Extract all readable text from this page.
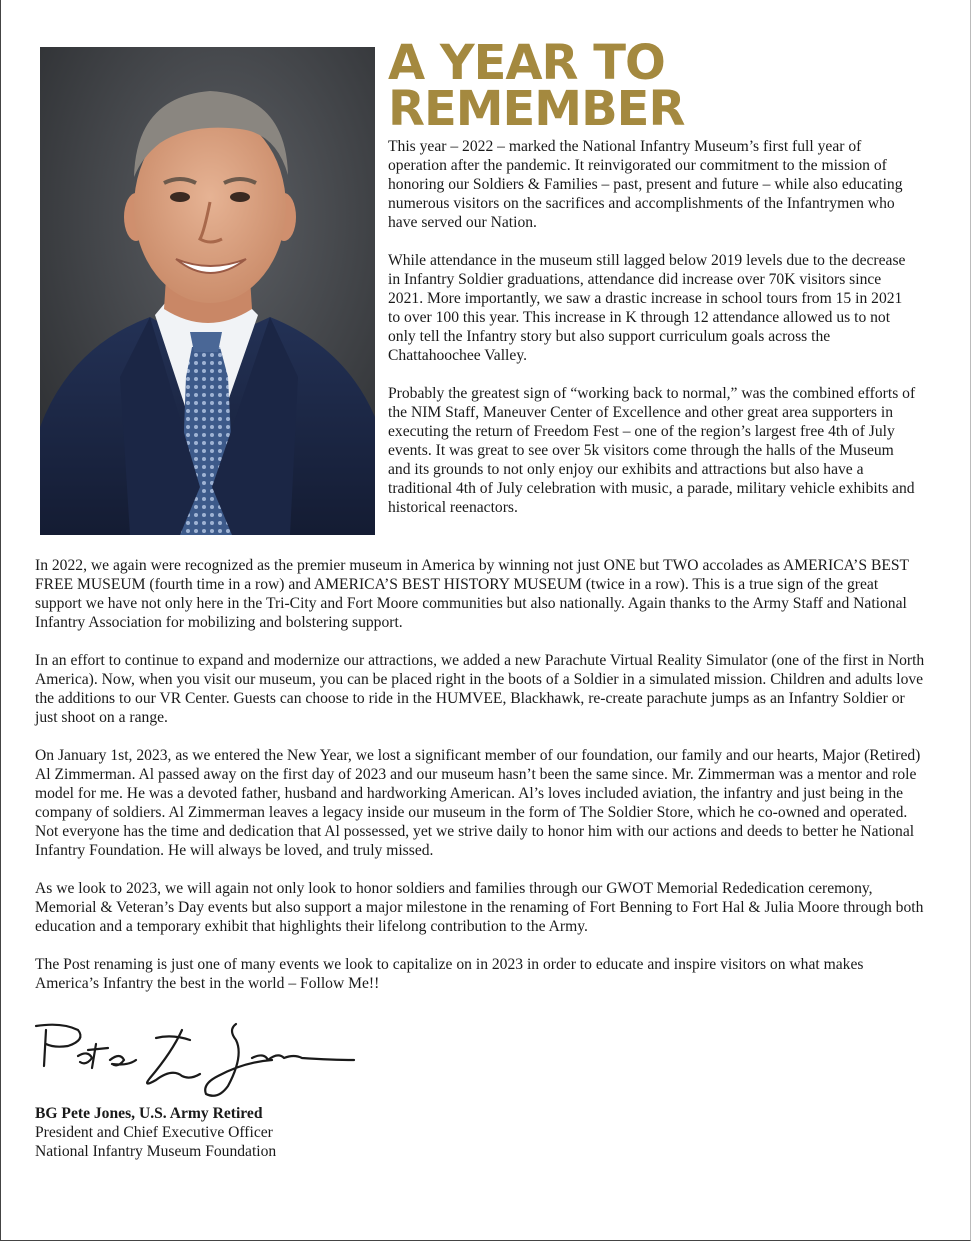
A YEAR TO
REMEMBER

This year – 2022 – marked the National Infantry Museum’s first full year of operation after the pandemic. It reinvigorated our commitment to the mission of honoring our Soldiers & Families – past, present and future – while also educating numerous visitors on the sacrifices and accomplishments of the Infantrymen who have served our Nation.

While attendance in the museum still lagged below 2019 levels due to the decrease in Infantry Soldier graduations, attendance did increase over 70K visitors since 2021. More importantly, we saw a drastic increase in school tours from 15 in 2021 to over 100 this year. This increase in K through 12 attendance allowed us to not only tell the Infantry story but also support curriculum goals across the Chattahoochee Valley.

Probably the greatest sign of “working back to normal,” was the combined efforts of the NIM Staff, Maneuver Center of Excellence and other great area supporters in executing the return of Freedom Fest – one of the region’s largest free 4th of July events. It was great to see over 5k visitors come through the halls of the Museum and its grounds to not only enjoy our exhibits and attractions but also have a traditional 4th of July celebration with music, a parade, military vehicle exhibits and historical reenactors.

In 2022, we again were recognized as the premier museum in America by winning not just ONE but TWO accolades as AMERICA’S BEST FREE MUSEUM (fourth time in a row) and AMERICA’S BEST HISTORY MUSEUM (twice in a row). This is a true sign of the great support we have not only here in the Tri-City and Fort Moore communities but also nationally. Again thanks to the Army Staff and National Infantry Association for mobilizing and bolstering support.

In an effort to continue to expand and modernize our attractions, we added a new Parachute Virtual Reality Simulator (one of the first in North America). Now, when you visit our museum, you can be placed right in the boots of a Soldier in a simulated mission. Children and adults love the additions to our VR Center. Guests can choose to ride in the HUMVEE, Blackhawk, re-create parachute jumps as an Infantry Soldier or just shoot on a range.

On January 1st, 2023, as we entered the New Year, we lost a significant member of our foundation, our family and our hearts, Major (Retired) Al Zimmerman. Al passed away on the first day of 2023 and our museum hasn’t been the same since. Mr. Zimmerman was a mentor and role model for me. He was a devoted father, husband and hardworking American. Al’s loves included aviation, the infantry and just being in the company of soldiers. Al Zimmerman leaves a legacy inside our museum in the form of The Soldier Store, which he co-owned and operated. Not everyone has the time and dedication that Al possessed, yet we strive daily to honor him with our actions and deeds to better he National Infantry Foundation. He will always be loved, and truly missed.

As we look to 2023, we will again not only look to honor soldiers and families through our GWOT Memorial Rededication ceremony, Memorial & Veteran’s Day events but also support a major milestone in the renaming of Fort Benning to Fort Hal & Julia Moore through both education and a temporary exhibit that highlights their lifelong contribution to the Army.

The Post renaming is just one of many events we look to capitalize on in 2023 in order to educate and inspire visitors on what makes America’s Infantry the best in the world – Follow Me!!

BG Pete Jones, U.S. Army Retired
President and Chief Executive Officer
National Infantry Museum Foundation
